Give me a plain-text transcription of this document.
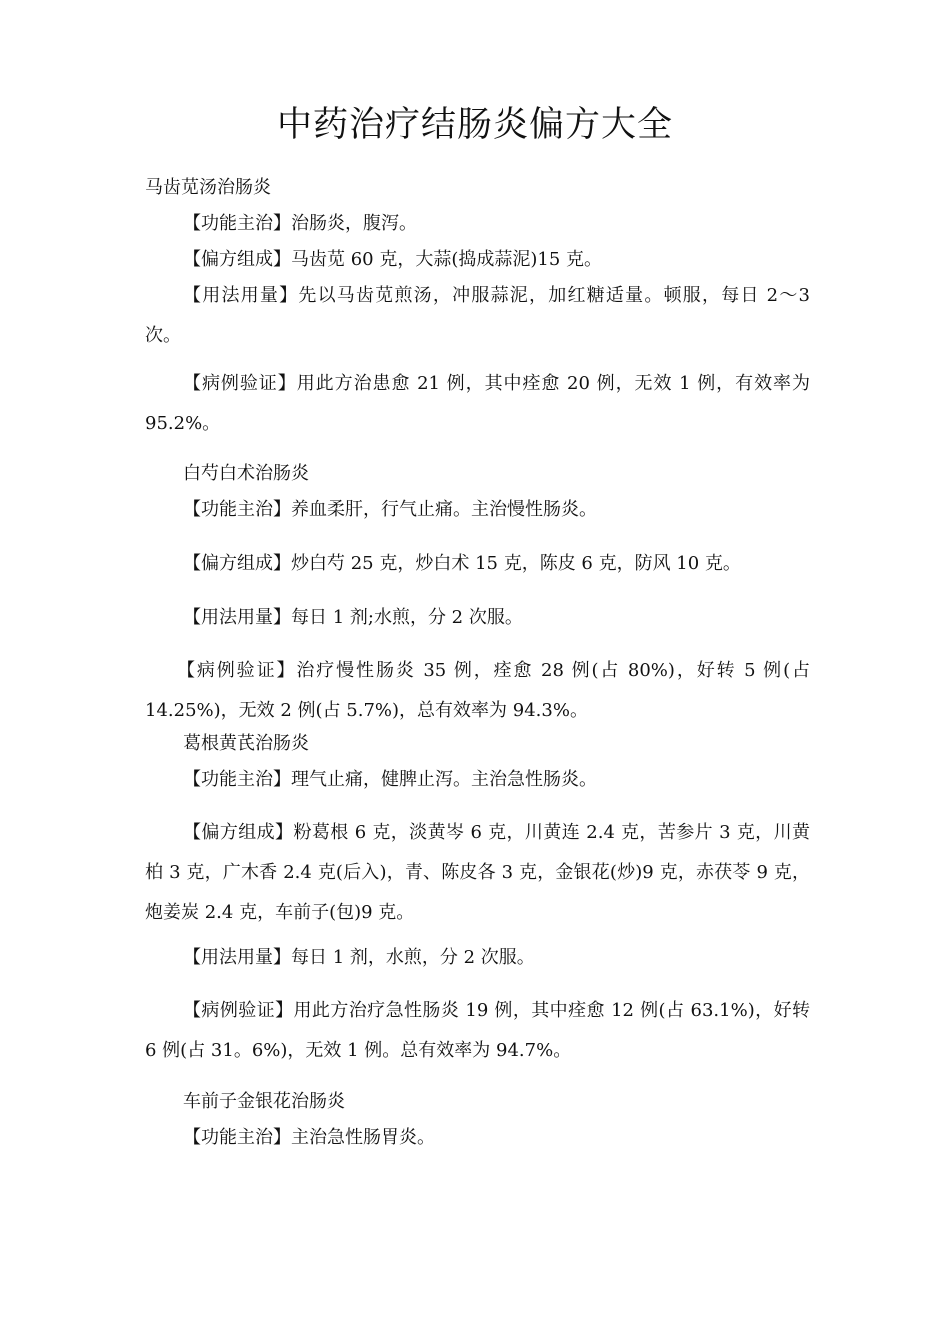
中药治疗结肠炎偏方大全

马齿苋汤治肠炎

【功能主治】治肠炎，腹泻。

【偏方组成】马齿苋 60 克，大蒜(捣成蒜泥)15 克。

【用法用量】先以马齿苋煎汤，冲服蒜泥，加红糖适量。顿服，每日 2～3 次。

【病例验证】用此方治患愈 21 例，其中痊愈 20 例，无效 1 例，有效率为 95.2%。

白芍白术治肠炎

【功能主治】养血柔肝，行气止痛。主治慢性肠炎。

【偏方组成】炒白芍 25 克，炒白术 15 克，陈皮 6 克，防风 10 克。

【用法用量】每日 1 剂;水煎，分 2 次服。

【病例验证】治疗慢性肠炎 35 例，痊愈 28 例(占 80%)，好转 5 例(占 14.25%)，无效 2 例(占 5.7%)，总有效率为 94.3%。

葛根黄芪治肠炎

【功能主治】理气止痛，健脾止泻。主治急性肠炎。

【偏方组成】粉葛根 6 克，淡黄岑 6 克，川黄连 2.4 克，苦参片 3 克，川黄柏 3 克，广木香 2.4 克(后入)，青、陈皮各 3 克，金银花(炒)9 克，赤茯苓 9 克，炮姜炭 2.4 克，车前子(包)9 克。

【用法用量】每日 1 剂，水煎，分 2 次服。

【病例验证】用此方治疗急性肠炎 19 例，其中痊愈 12 例(占 63.1%)，好转 6 例(占 31。6%)，无效 1 例。总有效率为 94.7%。

车前子金银花治肠炎

【功能主治】主治急性肠胃炎。
